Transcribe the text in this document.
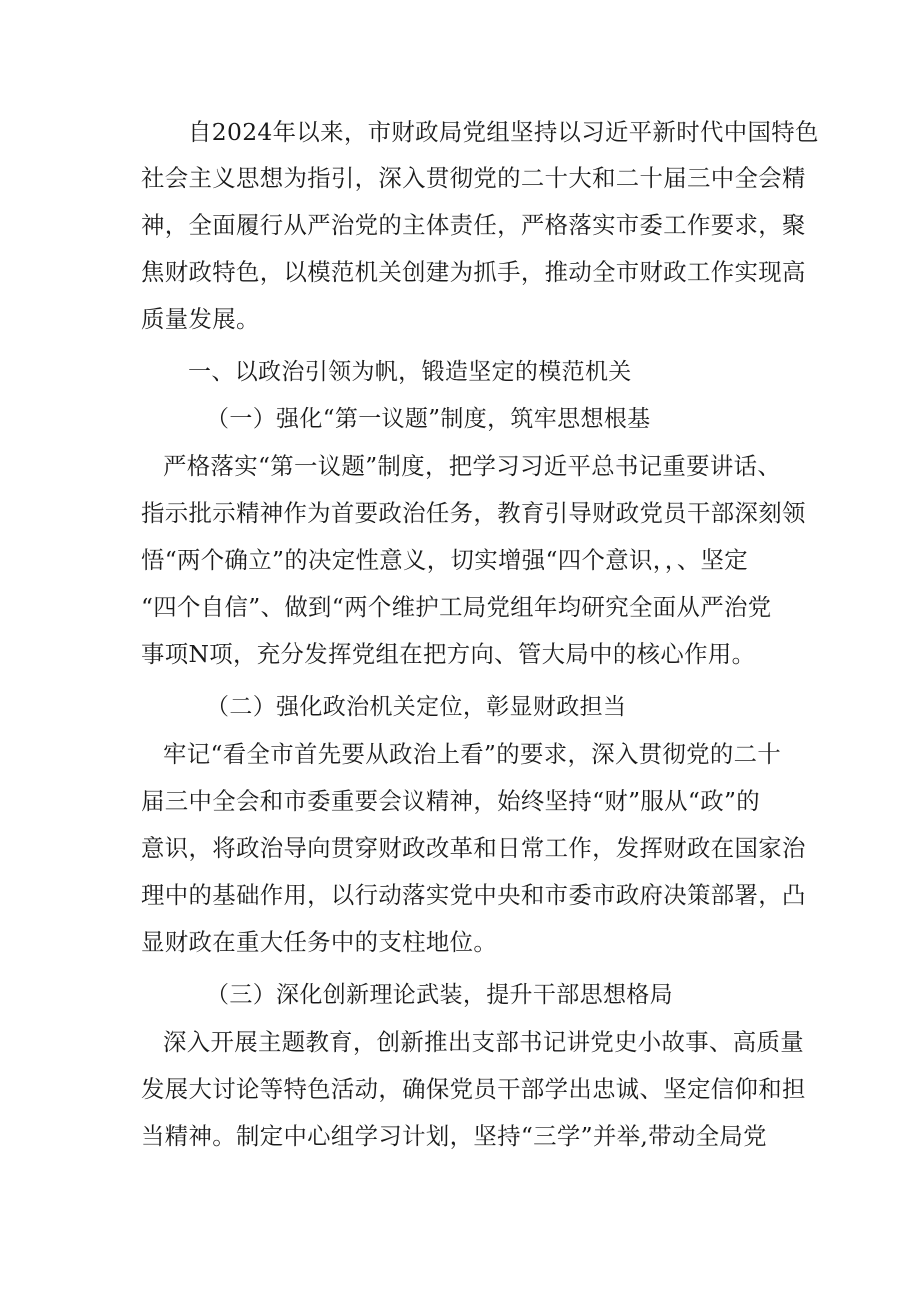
自2024年以来，市财政局党组坚持以习近平新时代中国特色

社会主义思想为指引，深入贯彻党的二十大和二十届三中全会精

神，全面履行从严治党的主体责任，严格落实市委工作要求，聚

焦财政特色，以模范机关创建为抓手，推动全市财政工作实现高

质量发展。

一、以政治引领为帆，锻造坚定的模范机关

（一）强化“第一议题”制度，筑牢思想根基

严格落实“第一议题”制度，把学习习近平总书记重要讲话、

指示批示精神作为首要政治任务，教育引导财政党员干部深刻领

悟“两个确立”的决定性意义，切实增强“四个意识，，、坚定

“四个自信”、做到“两个维护工局党组年均研究全面从严治党

事项N项，充分发挥党组在把方向、管大局中的核心作用。

（二）强化政治机关定位，彰显财政担当

牢记“看全市首先要从政治上看”的要求，深入贯彻党的二十

届三中全会和市委重要会议精神，始终坚持“财”服从“政”的

意识，将政治导向贯穿财政改革和日常工作，发挥财政在国家治

理中的基础作用，以行动落实党中央和市委市政府决策部署，凸

显财政在重大任务中的支柱地位。

（三）深化创新理论武装，提升干部思想格局

深入开展主题教育，创新推出支部书记讲党史小故事、高质量

发展大讨论等特色活动，确保党员干部学出忠诚、坚定信仰和担

当精神。制定中心组学习计划，坚持“三学”并举,带动全局党
